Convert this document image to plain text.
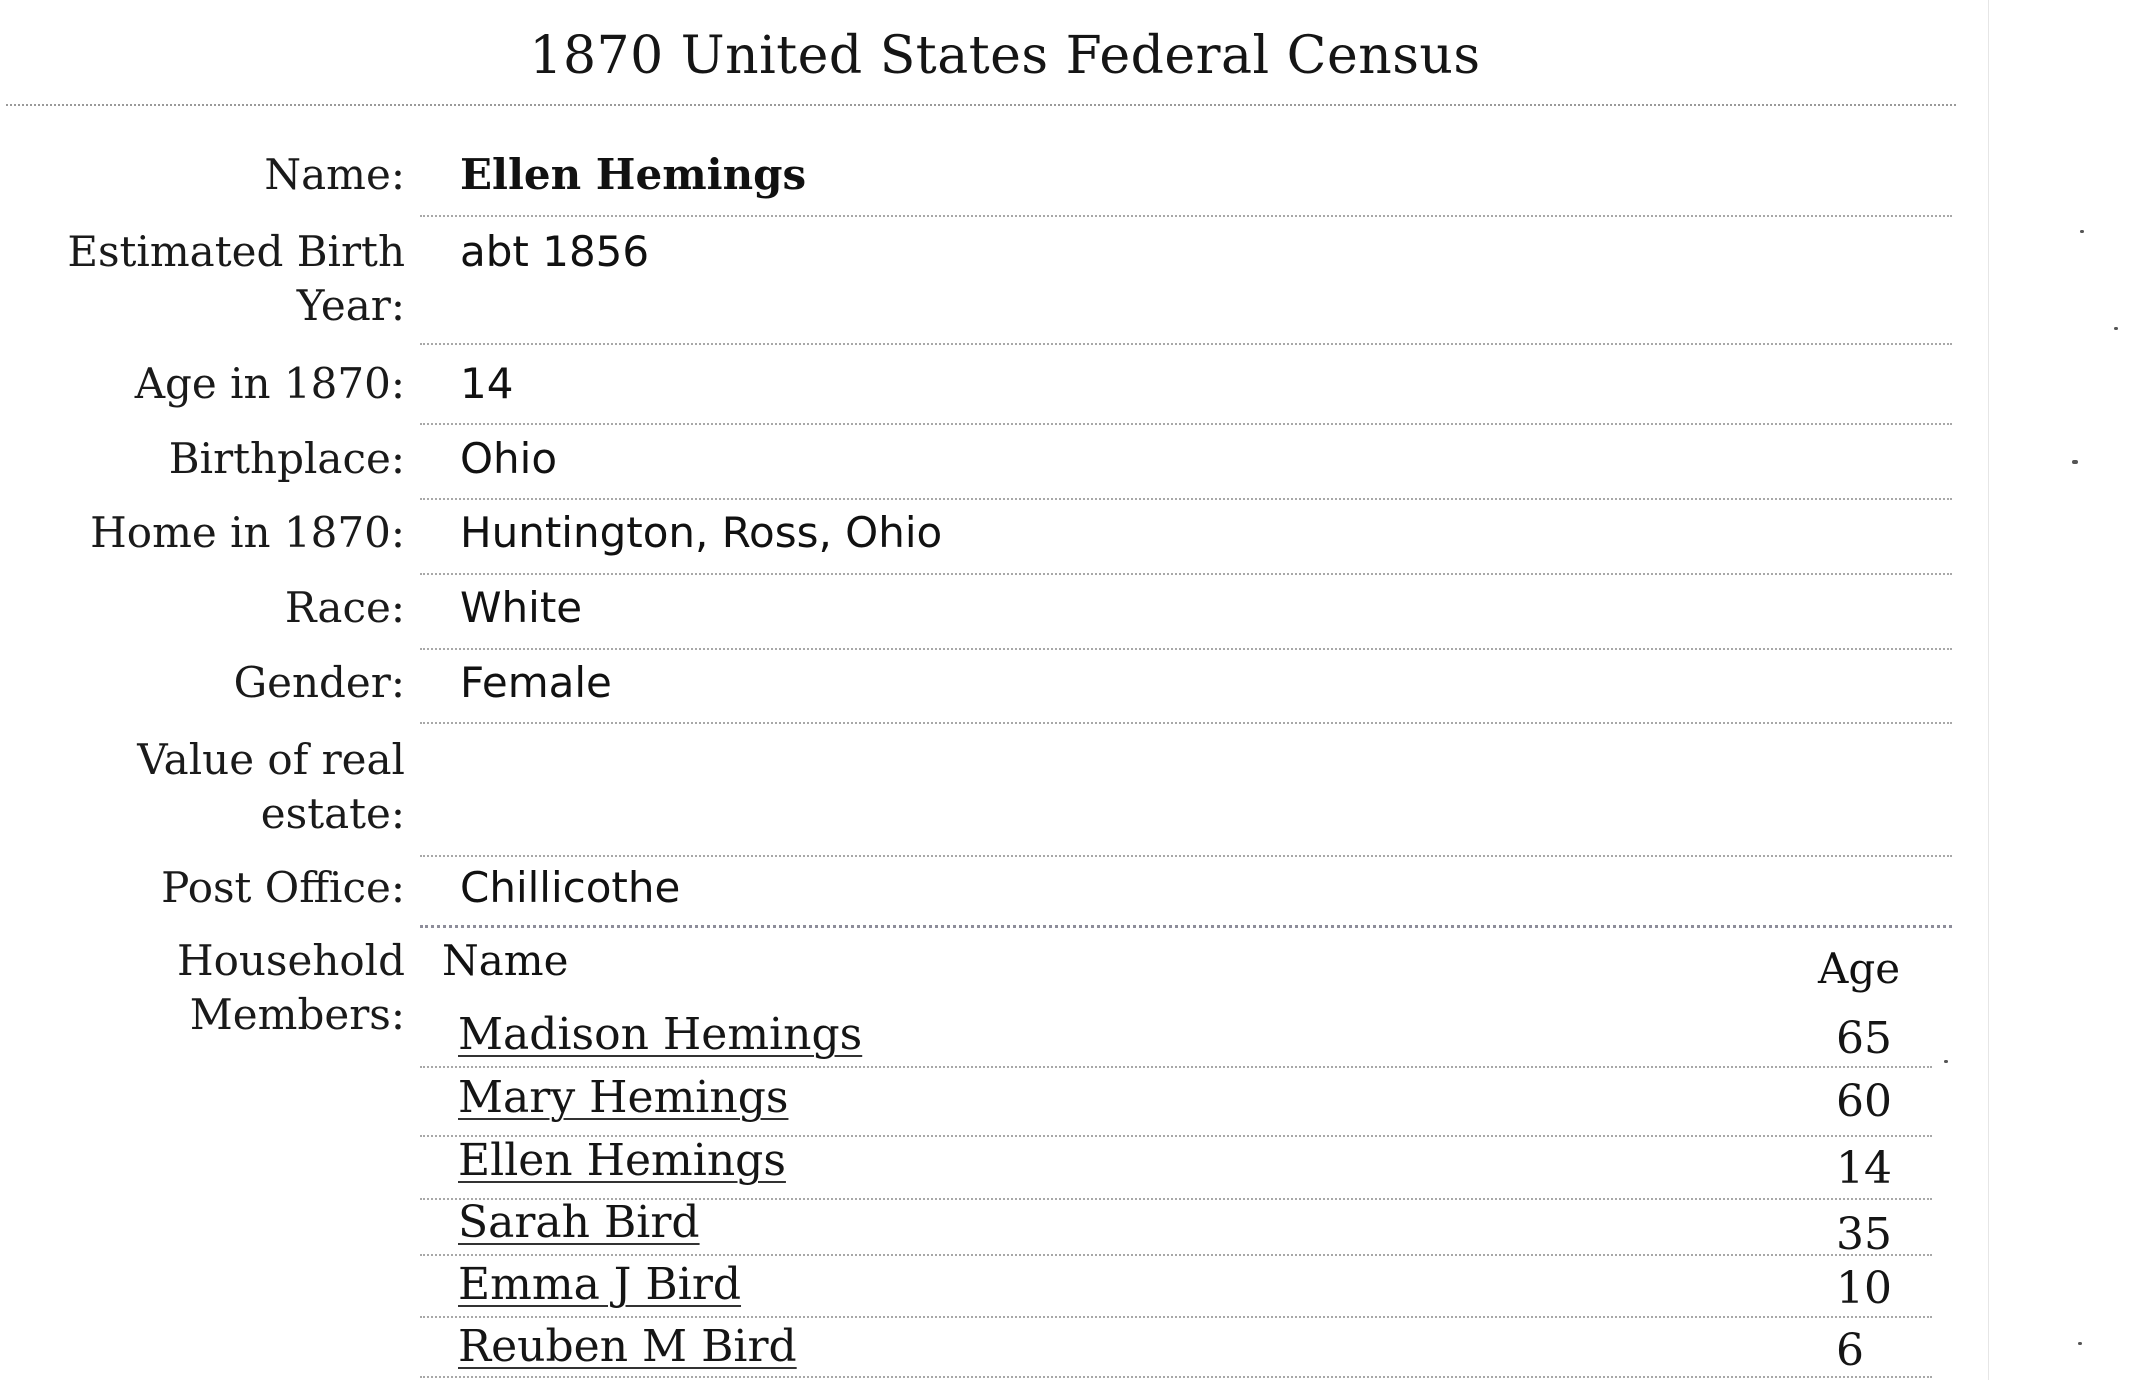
1870 United States Federal Census
Name: Ellen Hemings
Estimated Birth
Year:
abt 1856
Age in 1870: 14
Birthplace: Ohio
Home in 1870: Huntington, Ross, Ohio
Race: White
Gender: Female
Value of real
estate:
Post Office: Chillicothe
Household
Members:
Name	Age
Madison Hemings	65
Mary Hemings	60
Ellen Hemings	14
Sarah Bird	35
Emma J Bird	10
Reuben M Bird	6
